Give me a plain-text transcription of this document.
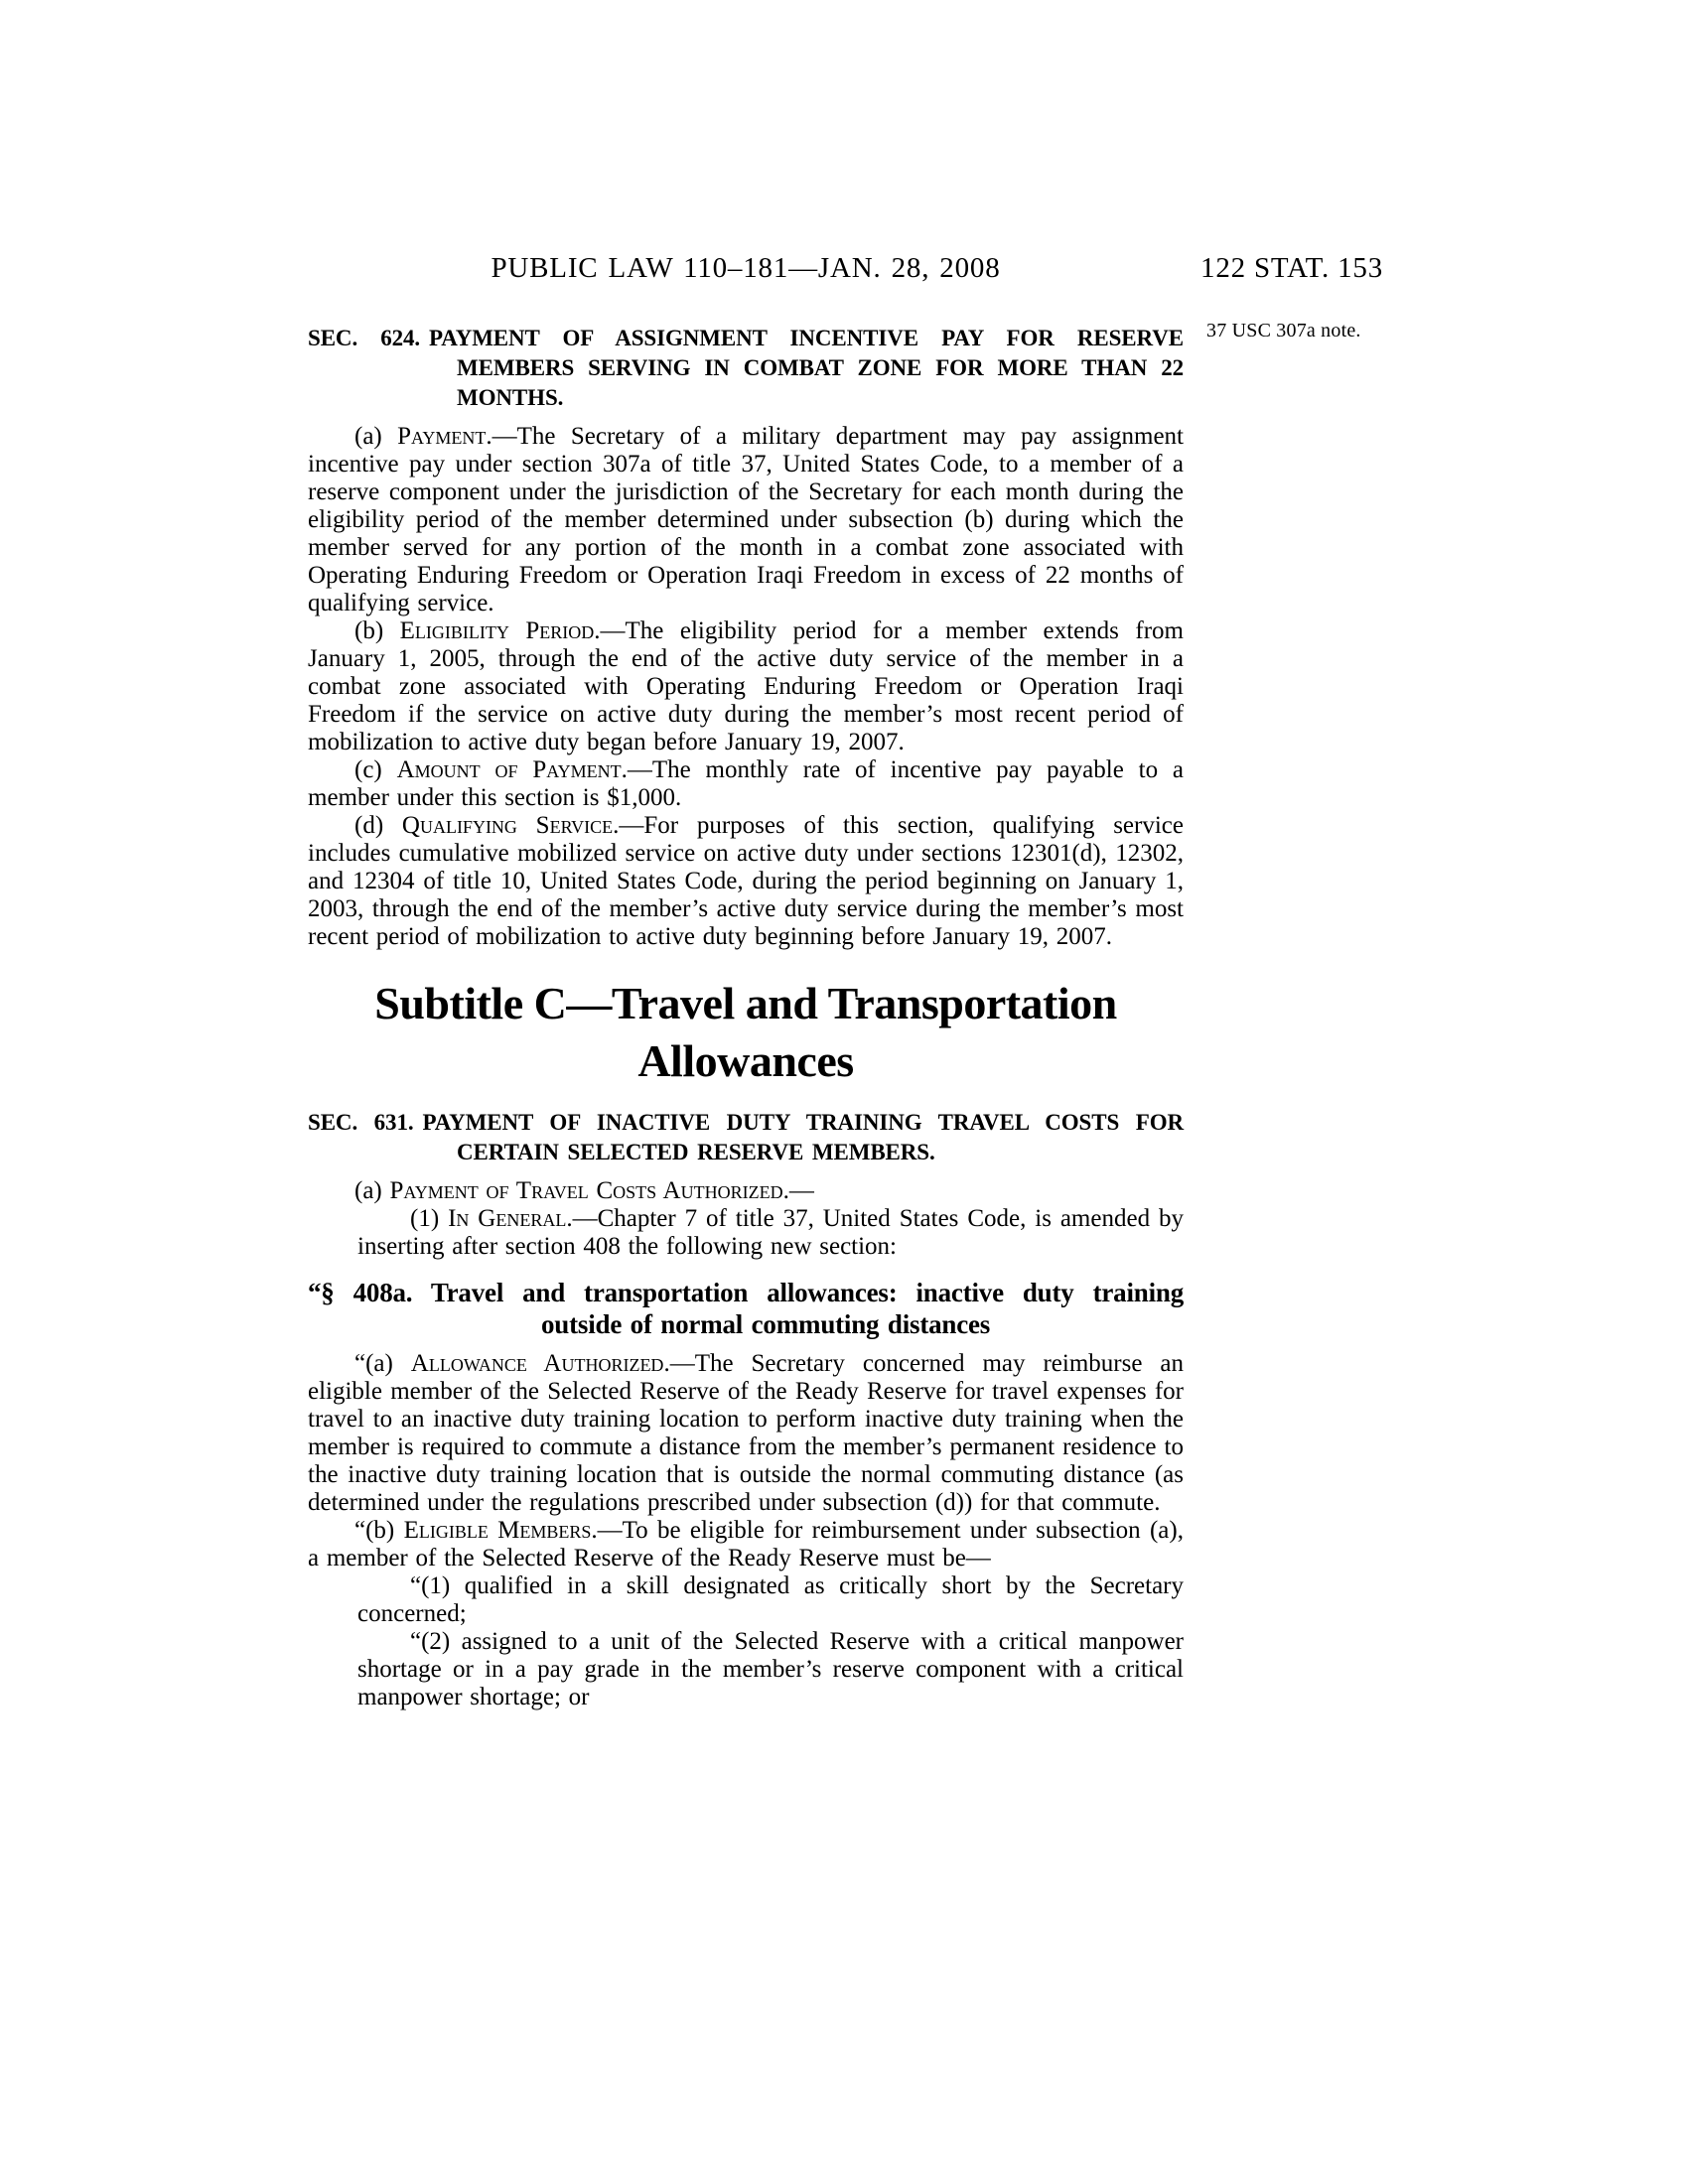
PUBLIC LAW 110–181—JAN. 28, 2008	122 STAT. 153
37 USC 307a note.
SEC. 624. PAYMENT OF ASSIGNMENT INCENTIVE PAY FOR RESERVE MEMBERS SERVING IN COMBAT ZONE FOR MORE THAN 22 MONTHS.

(a) Payment.—The Secretary of a military department may pay assignment incentive pay under section 307a of title 37, United States Code, to a member of a reserve component under the jurisdiction of the Secretary for each month during the eligibility period of the member determined under subsection (b) during which the member served for any portion of the month in a combat zone associated with Operating Enduring Freedom or Operation Iraqi Freedom in excess of 22 months of qualifying service.

(b) Eligibility Period.—The eligibility period for a member extends from January 1, 2005, through the end of the active duty service of the member in a combat zone associated with Operating Enduring Freedom or Operation Iraqi Freedom if the service on active duty during the member’s most recent period of mobilization to active duty began before January 19, 2007.

(c) Amount of Payment.—The monthly rate of incentive pay payable to a member under this section is $1,000.

(d) Qualifying Service.—For purposes of this section, qualifying service includes cumulative mobilized service on active duty under sections 12301(d), 12302, and 12304 of title 10, United States Code, during the period beginning on January 1, 2003, through the end of the member’s active duty service during the member’s most recent period of mobilization to active duty beginning before January 19, 2007.

Subtitle C—Travel and Transportation Allowances
SEC. 631. PAYMENT OF INACTIVE DUTY TRAINING TRAVEL COSTS FOR CERTAIN SELECTED RESERVE MEMBERS.

(a) Payment of Travel Costs Authorized.—

(1) In General.—Chapter 7 of title 37, United States Code, is amended by inserting after section 408 the following new section:

“§ 408a. Travel and transportation allowances: inactive duty training outside of normal commuting distances

“(a) Allowance Authorized.—The Secretary concerned may reimburse an eligible member of the Selected Reserve of the Ready Reserve for travel expenses for travel to an inactive duty training location to perform inactive duty training when the member is required to commute a distance from the member’s permanent residence to the inactive duty training location that is outside the normal commuting distance (as determined under the regulations prescribed under subsection (d)) for that commute.

“(b) Eligible Members.—To be eligible for reimbursement under subsection (a), a member of the Selected Reserve of the Ready Reserve must be—

“(1) qualified in a skill designated as critically short by the Secretary concerned;

“(2) assigned to a unit of the Selected Reserve with a critical manpower shortage or in a pay grade in the member’s reserve component with a critical manpower shortage; or
